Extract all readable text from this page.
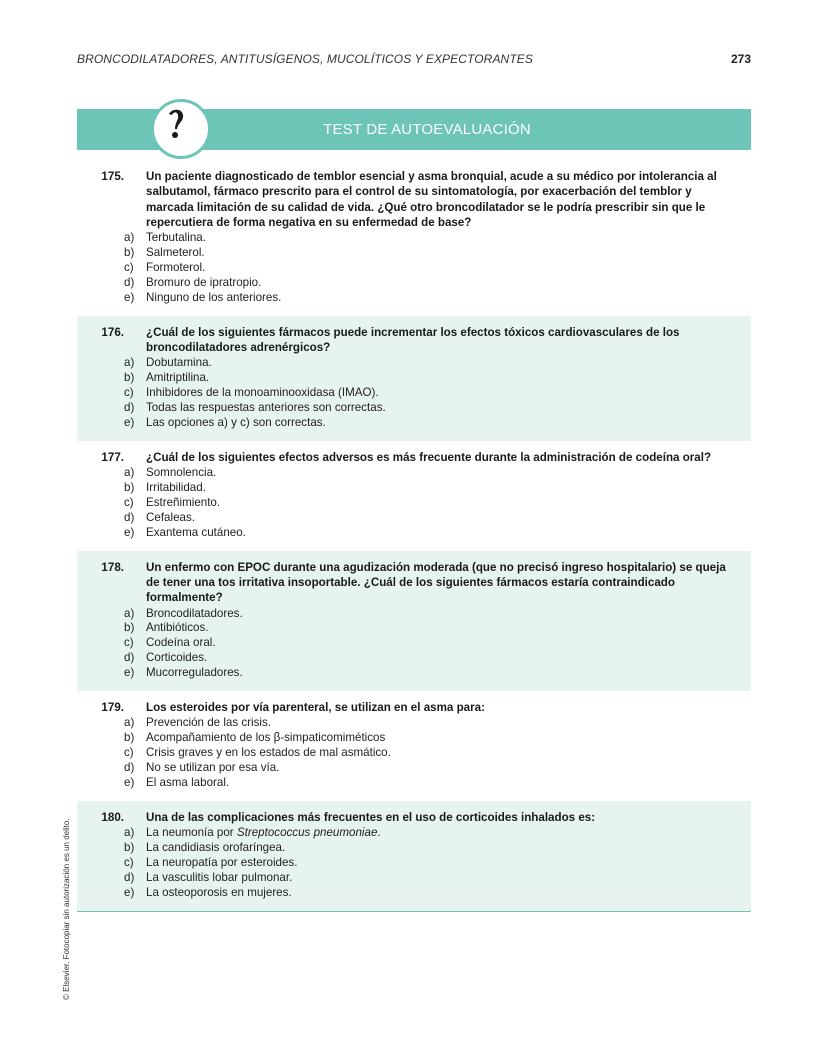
BRONCODILATADORES, ANTITUSÍGENOS, MUCOLÍTICOS Y EXPECTORANTES	273
TEST DE AUTOEVALUACIÓN
175.	Un paciente diagnosticado de temblor esencial y asma bronquial, acude a su médico por intolerancia al salbutamol, fármaco prescrito para el control de su sintomatología, por exacerbación del temblor y marcada limitación de su calidad de vida. ¿Qué otro broncodilatador se le podría prescribir sin que le repercutiera de forma negativa en su enfermedad de base?
a)	Terbutalina.
b)	Salmeterol.
c)	Formoterol.
d)	Bromuro de ipratropio.
e)	Ninguno de los anteriores.
176.	¿Cuál de los siguientes fármacos puede incrementar los efectos tóxicos cardiovasculares de los broncodilatadores adrenérgicos?
a)	Dobutamina.
b)	Amitriptilina.
c)	Inhibidores de la monoaminooxidasa (IMAO).
d)	Todas las respuestas anteriores son correctas.
e)	Las opciones a) y c) son correctas.
177.	¿Cuál de los siguientes efectos adversos es más frecuente durante la administración de codeína oral?
a)	Somnolencia.
b)	Irritabilidad.
c)	Estreñimiento.
d)	Cefaleas.
e)	Exantema cutáneo.
178.	Un enfermo con EPOC durante una agudización moderada (que no precisó ingreso hospitalario) se queja de tener una tos irritativa insoportable. ¿Cuál de los siguientes fármacos estaría contraindicado formalmente?
a)	Broncodilatadores.
b)	Antibióticos.
c)	Codeína oral.
d)	Corticoides.
e)	Mucorreguladores.
179.	Los esteroides por vía parenteral, se utilizan en el asma para:
a)	Prevención de las crisis.
b)	Acompañamiento de los β-simpaticomiméticos
c)	Crisis graves y en los estados de mal asmático.
d)	No se utilizan por esa vía.
e)	El asma laboral.
180.	Una de las complicaciones más frecuentes en el uso de corticoides inhalados es:
a)	La neumonía por Streptococcus pneumoniae.
b)	La candidiasis orofaríngea.
c)	La neuropatía por esteroides.
d)	La vasculitis lobar pulmonar.
e)	La osteoporosis en mujeres.
© Elsevier. Fotocopiar sin autorización es un delito.
